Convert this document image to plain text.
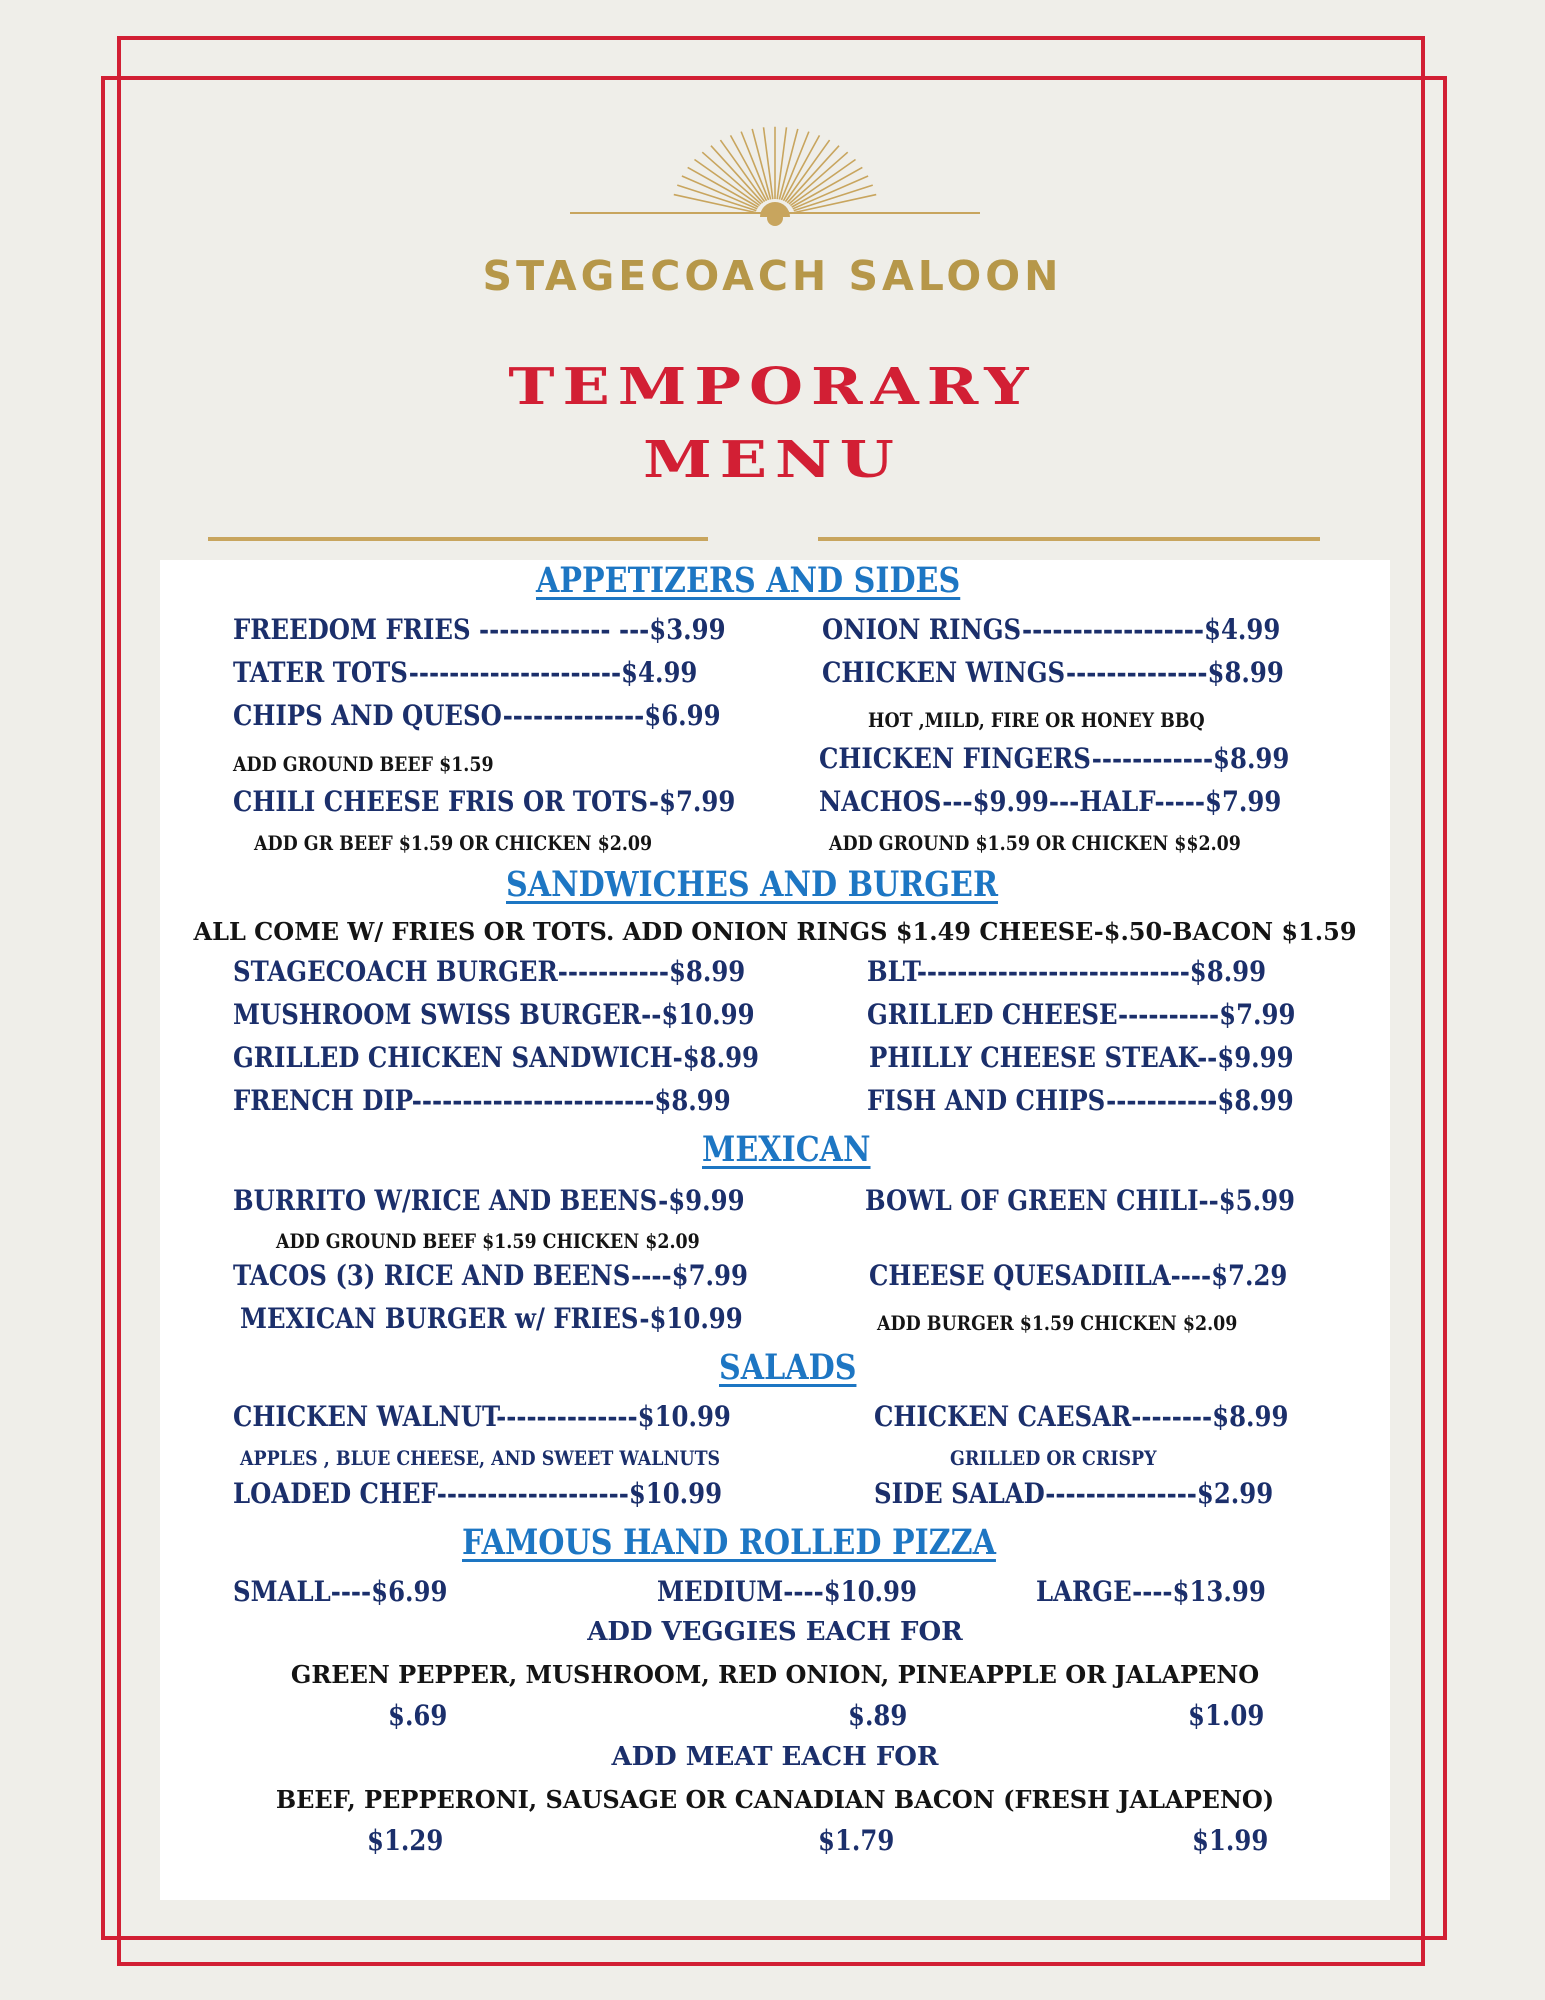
STAGECOACH SALOON
TEMPORARY
MENU
APPETIZERS AND SIDES
FREEDOM FRIES ------------- ---$3.99	ONION RINGS------------------$4.99
TATER TOTS---------------------$4.99	CHICKEN WINGS--------------$8.99
CHIPS AND QUESO--------------$6.99	HOT ,MILD, FIRE OR HONEY BBQ
ADD GROUND BEEF $1.59	CHICKEN FINGERS------------$8.99
CHILI CHEESE FRIS OR TOTS-$7.99	NACHOS---$9.99---HALF-----$7.99
ADD GR BEEF $1.59 OR CHICKEN $2.09	ADD GROUND $1.59 OR CHICKEN $$2.09
SANDWICHES AND BURGER
ALL COME W/ FRIES OR TOTS. ADD ONION RINGS $1.49 CHEESE-$.50-BACON $1.59
STAGECOACH BURGER-----------$8.99	BLT---------------------------$8.99
MUSHROOM SWISS BURGER--$10.99	GRILLED CHEESE----------$7.99
GRILLED CHICKEN SANDWICH-$8.99	PHILLY CHEESE STEAK--$9.99
FRENCH DIP------------------------$8.99	FISH AND CHIPS-----------$8.99
MEXICAN
BURRITO W/RICE AND BEENS-$9.99	BOWL OF GREEN CHILI--$5.99
ADD GROUND BEEF $1.59 CHICKEN $2.09
TACOS (3) RICE AND BEENS----$7.99	CHEESE QUESADIILA----$7.29
MEXICAN BURGER w/ FRIES-$10.99	ADD BURGER $1.59 CHICKEN $2.09
SALADS
CHICKEN WALNUT--------------$10.99	CHICKEN CAESAR--------$8.99
APPLES , BLUE CHEESE, AND SWEET WALNUTS	GRILLED OR CRISPY
LOADED CHEF-------------------$10.99	SIDE SALAD---------------$2.99
FAMOUS HAND ROLLED PIZZA
SMALL----$6.99	MEDIUM----$10.99	LARGE----$13.99
ADD VEGGIES EACH FOR
GREEN PEPPER, MUSHROOM, RED ONION, PINEAPPLE OR JALAPENO
$.69	$.89	$1.09
ADD MEAT EACH FOR
BEEF, PEPPERONI, SAUSAGE OR CANADIAN BACON (FRESH JALAPENO)
$1.29	$1.79	$1.99
